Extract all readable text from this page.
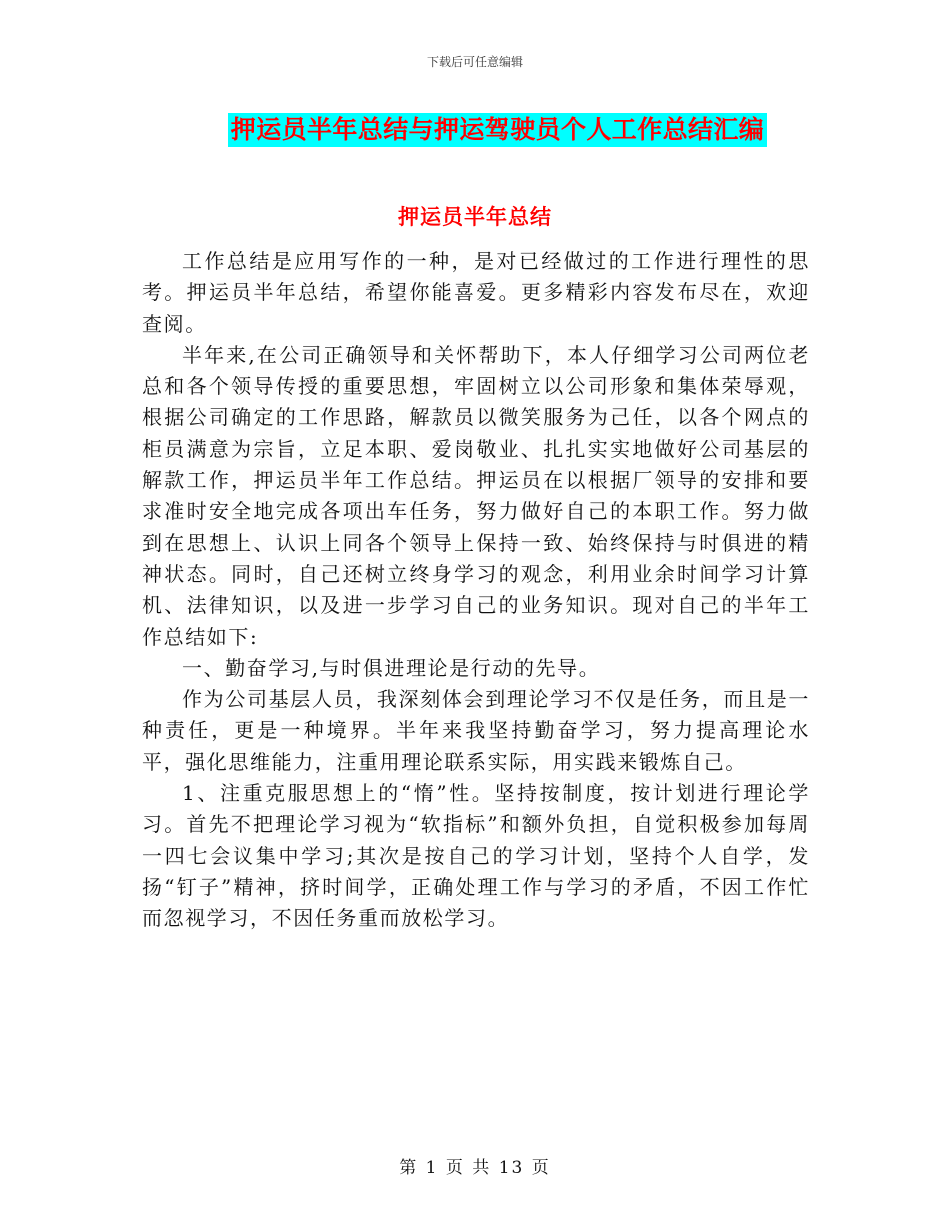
下载后可任意编辑
押运员半年总结与押运驾驶员个人工作总结汇编
押运员半年总结

工作总结是应用写作的一种，是对已经做过的工作进行理性的思考。押运员半年总结，希望你能喜爱。更多精彩内容发布尽在，欢迎查阅。

半年来,在公司正确领导和关怀帮助下，本人仔细学习公司两位老总和各个领导传授的重要思想，牢固树立以公司形象和集体荣辱观，根据公司确定的工作思路，解款员以微笑服务为己任，以各个网点的柜员满意为宗旨，立足本职、爱岗敬业、扎扎实实地做好公司基层的解款工作，押运员半年工作总结。押运员在以根据厂领导的安排和要求准时安全地完成各项出车任务，努力做好自己的本职工作。努力做到在思想上、认识上同各个领导上保持一致、始终保持与时俱进的精神状态。同时，自己还树立终身学习的观念，利用业余时间学习计算机、法律知识，以及进一步学习自己的业务知识。现对自己的半年工作总结如下:

一、勤奋学习,与时俱进理论是行动的先导。

作为公司基层人员，我深刻体会到理论学习不仅是任务，而且是一种责任，更是一种境界。半年来我坚持勤奋学习，努力提高理论水平，强化思维能力，注重用理论联系实际，用实践来锻炼自己。

1、注重克服思想上的“惰”性。坚持按制度，按计划进行理论学习。首先不把理论学习视为“软指标”和额外负担，自觉积极参加每周一四七会议集中学习;其次是按自己的学习计划，坚持个人自学，发扬“钉子”精神，挤时间学，正确处理工作与学习的矛盾，不因工作忙而忽视学习，不因任务重而放松学习。

第 1 页 共 13 页
